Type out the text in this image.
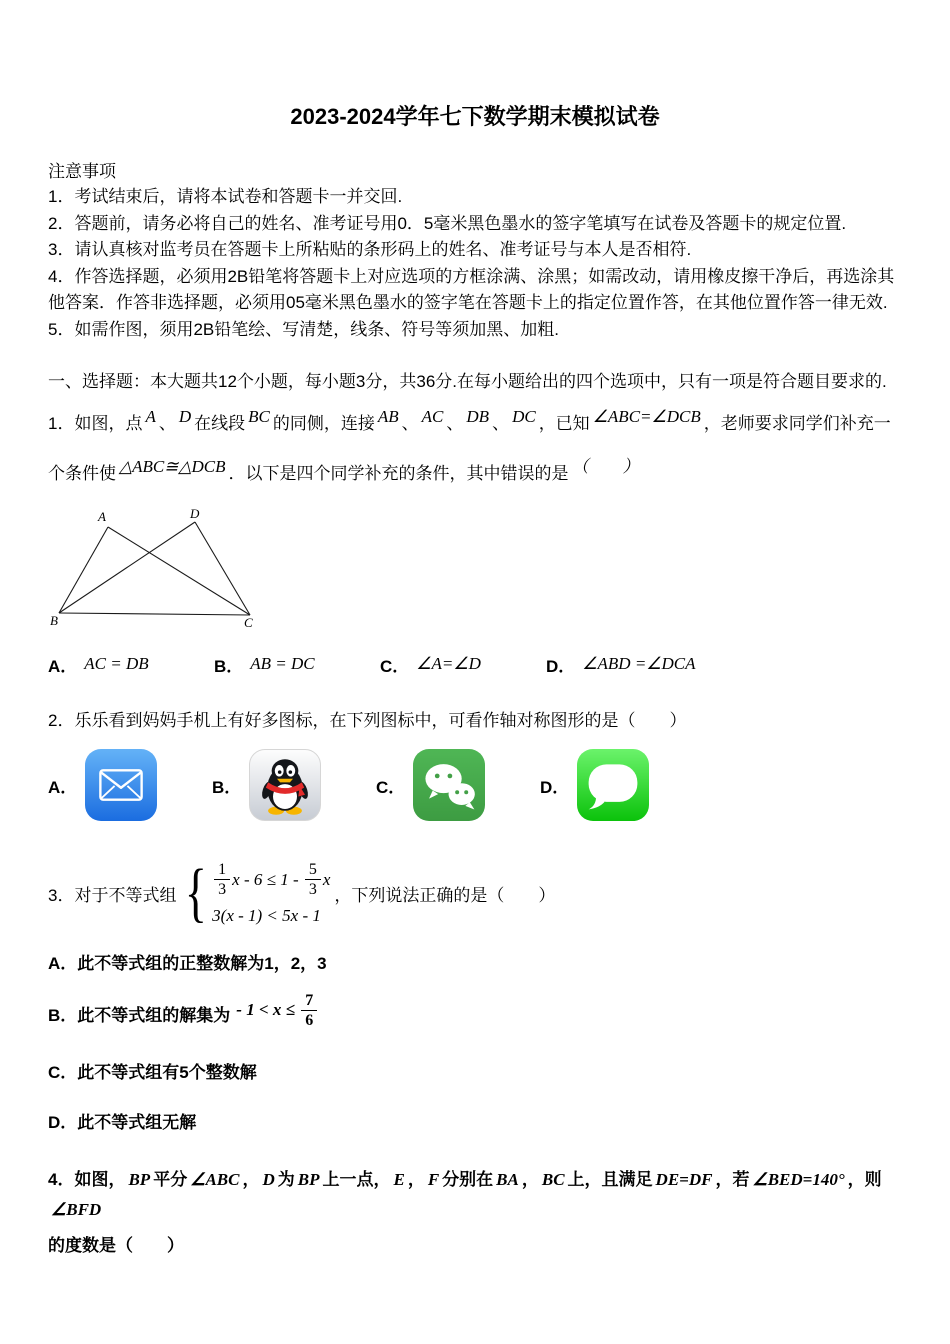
2023-2024学年七下数学期末模拟试卷
注意事项

1．考试结束后，请将本试卷和答题卡一并交回.

2．答题前，请务必将自己的姓名、准考证号用0．5毫米黑色墨水的签字笔填写在试卷及答题卡的规定位置.

3．请认真核对监考员在答题卡上所粘贴的条形码上的姓名、准考证号与本人是否相符.

4．作答选择题，必须用2B铅笔将答题卡上对应选项的方框涂满、涂黑；如需改动，请用橡皮擦干净后，再选涂其他答案．作答非选择题，必须用05毫米黑色墨水的签字笔在答题卡上的指定位置作答，在其他位置作答一律无效.

5．如需作图，须用2B铅笔绘、写清楚，线条、符号等须加黑、加粗.

一、选择题：本大题共12个小题，每小题3分，共36分.在每小题给出的四个选项中，只有一项是符合题目要求的.

1．如图，点 A 、 D 在线段 BC 的同侧，连接 AB 、 AC 、 DB 、 DC ，已知 ∠ABC=∠DCB ，老师要求同学们补充一

个条件使 △ABC≅△DCB ．以下是四个同学补充的条件，其中错误的是 （　　）

A	D
B	C
A． AC = DB	B． AB = DC	C． ∠A=∠D	D． ∠ABD =∠DCA

2．乐乐看到妈妈手机上有好多图标，在下列图标中，可看作轴对称图形的是（　　）

A．	B．	C．	D．
3．对于不等式组 { $\frac{1}{3}$ $x - 6 \le 1 - \frac{5}{3}$ x
3(x - 1) < 5x - 1
，下列说法正确的是（　　）

A．此不等式组的正整数解为1，2，3

B．此不等式组的解集为 - $1 < x \le \frac{7}{6}$

C．此不等式组有5个整数解

D．此不等式组无解

4．如图， BP 平分 ∠ABC ， D 为 BP 上一点， E ， F 分别在 BA ， BC 上，且满足 DE=DF ，若 ∠BED=140° ，则∠BFD

的度数是（　　）
